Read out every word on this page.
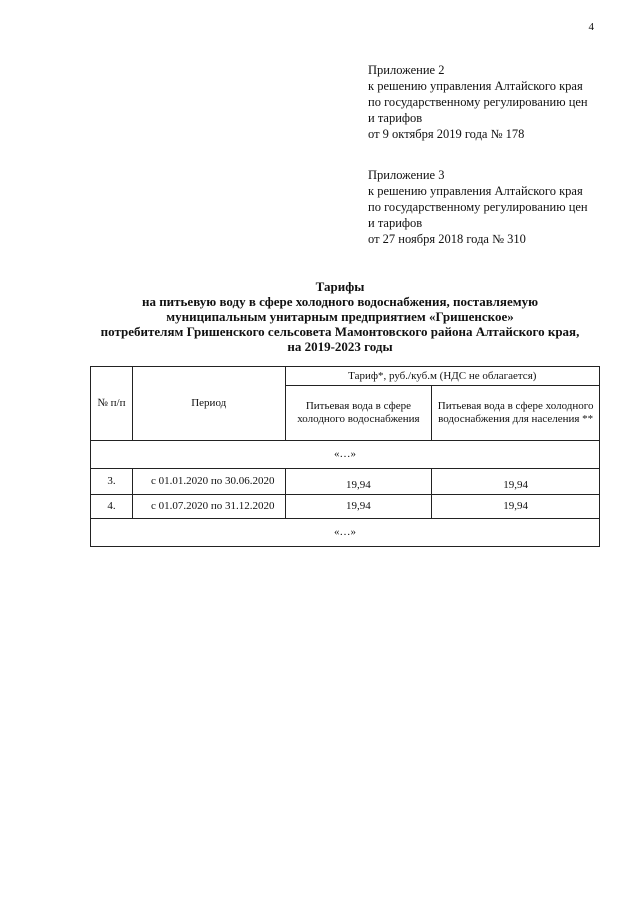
4
Приложение 2
к решению управления Алтайского края
по государственному регулированию цен
и тарифов
от 9 октября 2019 года № 178
Приложение 3
к решению управления Алтайского края
по государственному регулированию цен
и тарифов
от 27 ноября 2018 года № 310
Тарифы
на питьевую воду в сфере холодного водоснабжения, поставляемую
муниципальным унитарным предприятием «Гришенское»
потребителям Гришенского сельсовета Мамонтовского района Алтайского края,
на 2019-2023 годы
№ п/п	Период	Тариф*, руб./куб.м (НДС не облагается)	
		Питьевая вода в сфере холодного водоснабжения	Питьевая вода в сфере холодного водоснабжения для населения **
«…»			
3.	с 01.01.2020 по 30.06.2020	19,94	19,94
4.	с 01.07.2020 по 31.12.2020	19,94	19,94
«…»			
